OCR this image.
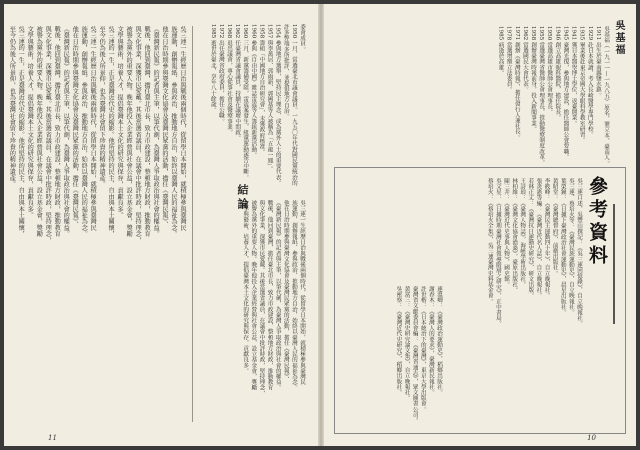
委會成員。
1950 一月，當選臺北市議會議員。一九五〇年代對國民黨統治的
許多弊端多所批評，並提倡地方自治。
1954 參與地方選舉，堅持民主理念，成為黨外人士的重要代表。
1957 與李萬居、郭雨新、郭國基等人被稱為「五龍一鳳」。
1958 籌組「中國地方自治研究會」，未獲政府核准。
1960 參與《自由中國》雜誌雷震等人籌組新黨活動。
1960 三月，新黨籌備受阻，雷震案發生，組黨運動遂告中斷。
1962 任臺灣省議會議員，持續在議壇中問政。
1968 退出議會，專心從事社會及醫療事業。
1972 出任臺灣省政府委員，擔任公職。
1985 逝世於臺北，享年八十餘歲。
結論
吳三連一生經歷日治與戰後兩個時代，從留學日本開始，就積極參與臺灣民
族運動，創辦報紙、參與政治、推動地方自治，始終以臺灣人民的福祉為念。
他在日治時期參與臺灣文化協會及臺灣民眾黨的活動，擔任《臺灣民報》、
《臺灣新民報》的記者與主筆，以筆代劍，為臺灣人爭取政治與社會的權益。
戰後，他回到臺灣，擔任臺北市長，致力市政建設，整頓地方財政，推動教育
與文化事業，深獲市民愛戴。其後當選省議員，在議會中批評時政，堅持理念，
被譽為黨外的重要人物。晚年他投入企業經營與社會公益，設立基金會，獎勵
文學與藝術，培養人才，提倡臺灣本土文化的研究與保存，貢獻良多。
吳三連一生經歷日治與戰後兩個時代，從留學日本開始，就積極參與臺灣民
族運動，創辦報紙、參與政治、推動地方自治，始終以臺灣人民的福祉為念。
他在日治時期參與臺灣文化協會及臺灣民眾黨的活動，擔任《臺灣民報》、
《臺灣新民報》的記者與主筆，以筆代劍，為臺灣人爭取政治與社會的權益。
戰後，他回到臺灣，擔任臺北市長，致力市政建設，整頓地方財政，推動教育
與文化事業，深獲市民愛戴。其後當選省議員，在議會中批評時政，堅持理念，
被譽為黨外的重要人物。晚年他投入企業經營與社會公益，設立基金會，獎勵
文學與藝術，培養人才，提倡臺灣本土文化的研究與保存，貢獻良多。
吳三連的一生，正是臺灣近代史的縮影。他所堅持的民主、自由與本土關懷，
至今仍為後人所景仰，也為臺灣社會留下珍貴的精神遺產。
吳三連一生經歷日治與戰後兩個時代，從留學日本開始，就積極參與臺灣民
族運動，創辦報紙、參與政治、推動地方自治，始終以臺灣人民的福祉為念。
他在日治時期參與臺灣文化協會及臺灣民眾黨的活動，擔任《臺灣民報》、
《臺灣新民報》的記者與主筆，以筆代劍，為臺灣人爭取政治與社會的權益。
戰後，他回到臺灣，擔任臺北市長，致力市政建設，整頓地方財政，推動教育
與文化事業，深獲市民愛戴。其後當選省議員，在議會中批評時政，堅持理念，
被譽為黨外的重要人物。晚年他投入企業經營與社會公益，設立基金會，獎勵
文學與藝術，培養人才，提倡臺灣本土文化的研究與保存，貢獻良多。
吳三連的一生，正是臺灣近代史的縮影。他所堅持的民主、自由與本土關懷，
至今仍為後人所景仰，也為臺灣社會留下珍貴的精神遺產。
11
吳基福
吳基福（一九一一—一九八五）原名，號立本，臺南人。
1911 出生於臺南縣鹽水鎮。
1929 赴日本就讀，考入長崎醫學專門學校。
1935 畢業後赴東京帝國大學眼科學教室研習。
1941 獲日本醫學博士學位，返臺開業。
1945 臺灣光復，參與地方建設，擔任醫師公會要職。
1946 創立高雄眼科醫院，擔任院長。
1950 當選高雄市醫師公會理事長。
1955 當選臺灣省醫師公會理事長，推動醫療制度改革。
1958 創辦臺灣時報前身，投入新聞事業。
1962 當選國民大會代表。
1971 創辦《臺灣時報》，擔任發行人兼社長。
1978 當選增額立法委員。
1985 病逝於高雄。
參考資料
吳三連口述，吳豐山撰記：《吳三連回憶錄》，自立晚報社。
吳三連、蔡培火等：《臺灣民族運動史》，自立晚報社。
葉榮鐘：《日據下臺灣政治社會運動史》，晨星出版社。
黃昭堂：《臺灣總督府》，前衛出版社。
李筱峰：《臺灣民主運動四十年》，自立晚報社。
張炎憲等編：《臺灣近代名人誌》，自立晚報社。
若林正丈：《臺灣抗日運動史研究》，研文出版。
王詩琅：《臺灣人物誌》，海峽學術出版社。
林柏維：《臺灣文化協會滄桑》，臺原出版社。
陳三井：《臺灣近代史事與人物》，國史館。
吳文星：《日據時期臺灣社會領導階層之研究》，正中書局。
蔡培火：《蔡培火全集》，吳三連臺灣史料基金會。
連溫卿：《臺灣政治運動史》，稻鄉出版社。
謝春木：《臺灣人的要求》，臺灣新民報社。
許世楷：《日本統治下的臺灣》，東京大學出版會。
臺灣省文獻委員會編：《臺灣省通志》，眾文圖書公司。
黃富三：《臺灣史研究論文集》，自立晚報社。
吳密察：《臺灣近代史研究》，稻鄉出版社。
10
